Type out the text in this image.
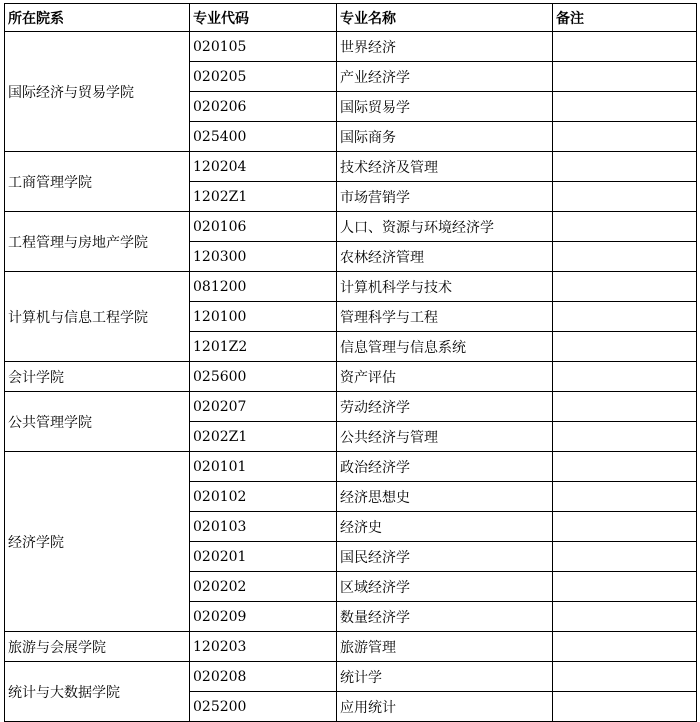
所在院系	专业代码	专业名称	备注
国际经济与贸易学院	020105	世界经济	
	020205	产业经济学	
	020206	国际贸易学	
	025400	国际商务	
工商管理学院	120204	技术经济及管理	
	1202Z1	市场营销学	
工程管理与房地产学院	020106	人口、资源与环境经济学	
	120300	农林经济管理	
计算机与信息工程学院	081200	计算机科学与技术	
	120100	管理科学与工程	
	1201Z2	信息管理与信息系统	
会计学院	025600	资产评估	
公共管理学院	020207	劳动经济学	
	0202Z1	公共经济与管理	
经济学院	020101	政治经济学	
	020102	经济思想史	
	020103	经济史	
	020201	国民经济学	
	020202	区域经济学	
	020209	数量经济学	
旅游与会展学院	120203	旅游管理	
统计与大数据学院	020208	统计学	
	025200	应用统计	
